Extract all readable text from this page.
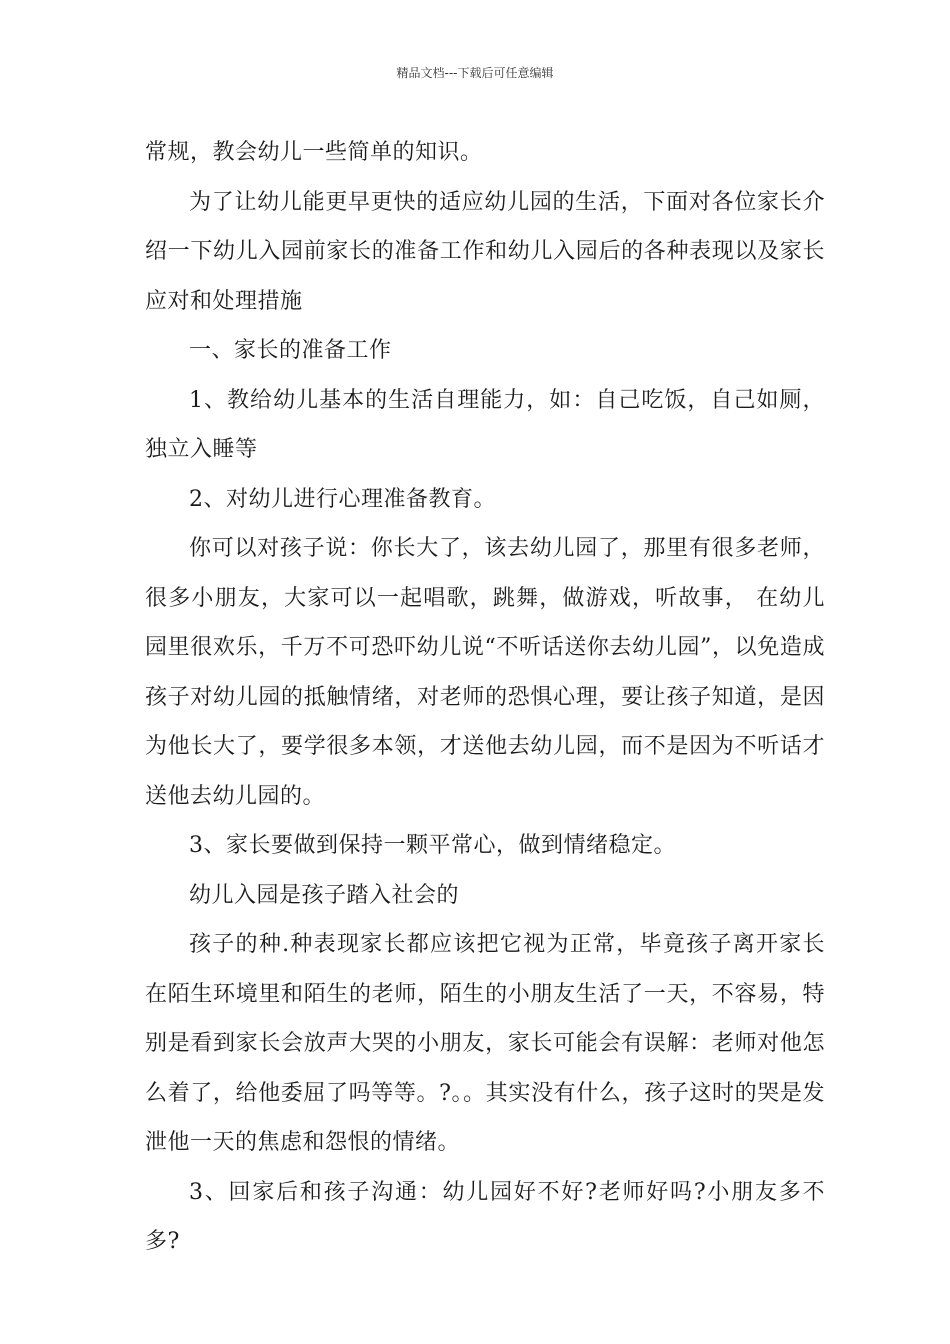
精品文档---下载后可任意编辑

常规，教会幼儿一些简单的知识。

为了让幼儿能更早更快的适应幼儿园的生活，下面对各位家长介绍一下幼儿入园前家长的准备工作和幼儿入园后的各种表现以及家长应对和处理措施

一、家长的准备工作

1、教给幼儿基本的生活自理能力，如：自己吃饭，自己如厕，独立入睡等

2、对幼儿进行心理准备教育。

你可以对孩子说：你长大了，该去幼儿园了，那里有很多老师，很多小朋友，大家可以一起唱歌，跳舞，做游戏，听故事， 在幼儿园里很欢乐，千万不可恐吓幼儿说“不听话送你去幼儿园”，以免造成孩子对幼儿园的抵触情绪，对老师的恐惧心理，要让孩子知道，是因为他长大了，要学很多本领，才送他去幼儿园，而不是因为不听话才送他去幼儿园的。

3、家长要做到保持一颗平常心，做到情绪稳定。

幼儿入园是孩子踏入社会的

孩子的种.种表现家长都应该把它视为正常，毕竟孩子离开家长在陌生环境里和陌生的老师，陌生的小朋友生活了一天，不容易，特别是看到家长会放声大哭的小朋友，家长可能会有误解：老师对他怎么着了，给他委屈了吗等等。?。。其实没有什么，孩子这时的哭是发泄他一天的焦虑和怨恨的情绪。

3、回家后和孩子沟通：幼儿园好不好?老师好吗?小朋友多不多?
